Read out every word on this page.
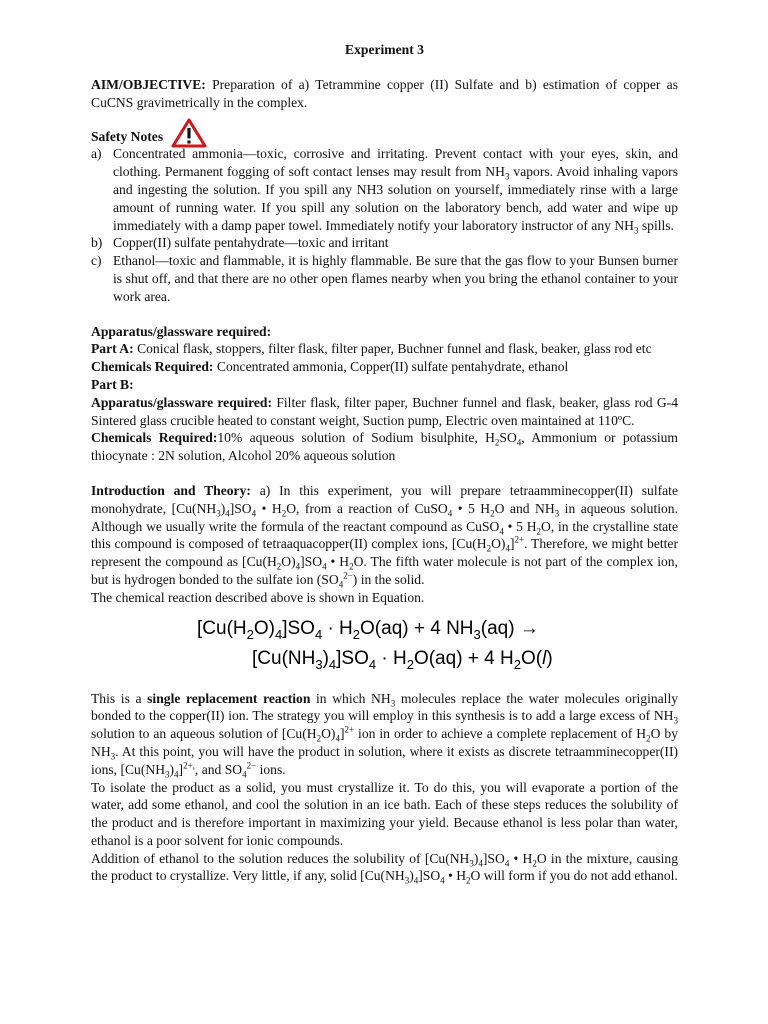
Experiment 3

AIM/OBJECTIVE: Preparation of a) Tetrammine copper (II) Sulfate and b) estimation of copper as CuCNS gravimetrically in the complex.

Safety Notes
a) Concentrated ammonia—toxic, corrosive and irritating. Prevent contact with your eyes, skin, and clothing. Permanent fogging of soft contact lenses may result from $NH_3$ vapors. Avoid inhaling vapors and ingesting the solution. If you spill any NH3 solution on yourself, immediately rinse with a large amount of running water. If you spill any solution on the laboratory bench, add water and wipe up immediately with a damp paper towel. Immediately notify your laboratory instructor of any $NH_3$ spills.
b) Copper(II) sulfate pentahydrate—toxic and irritant
c) Ethanol—toxic and flammable, it is highly flammable. Be sure that the gas flow to your Bunsen burner is shut off, and that there are no other open flames nearby when you bring the ethanol container to your work area.

Apparatus/glassware required:

Part A: Conical flask, stoppers, filter flask, filter paper, Buchner funnel and flask, beaker, glass rod etc

Chemicals Required: Concentrated ammonia, Copper(II) sulfate pentahydrate, ethanol

Part B:

Apparatus/glassware required: Filter flask, filter paper, Buchner funnel and flask, beaker, glass rod G-4 Sintered glass crucible heated to constant weight, Suction pump, Electric oven maintained at 110ºC.

Chemicals Required:10% aqueous solution of Sodium bisulphite, $H_2SO_4$, Ammonium or potassium thiocynate : 2N solution, Alcohol 20% aqueous solution

Introduction and Theory: a) In this experiment, you will prepare tetraamminecopper(II) sulfate monohydrate, $[Cu(NH_3)_4]SO_4$ • $H_2O$, from a reaction of CuSO$_4$ • 5 $H_2O$ and $NH_3$ in aqueous solution. Although we usually write the formula of the reactant compound as CuSO$_4$ • 5 $H_2O$, in the crystalline state this compound is composed of tetraaquacopper(II) complex ions, $[Cu(H_2O)_4]^{2+}$. Therefore, we might better represent the compound as $[Cu(H_2O)_4]SO_4$ • $H_2O$. The fifth water molecule is not part of the complex ion, but is hydrogen bonded to the sulfate ion $(SO_4^{2-})$ in the solid.

The chemical reaction described above is shown in Equation.

$[Cu(H_2O)_4]SO_4 \cdot H_2O(aq) + 4$ $NH_3(aq)$ →
$[Cu(NH_3)_4]SO_4 \cdot H_2O(aq) + 4$ $H_2O(l)$

This is a single replacement reaction in which $NH_3$ molecules replace the water molecules originally bonded to the copper(II) ion. The strategy you will employ in this synthesis is to add a large excess of $NH_3$ solution to an aqueous solution of $[Cu(H_2O)_4]^{2+}$ ion in order to achieve a complete replacement of $H_2O$ by $NH_3$. At this point, you will have the product in solution, where it exists as discrete tetraamminecopper(II) ions, $[Cu(NH_3)_4]^{2+,}$, and $SO_4^{2-}$ ions.

To isolate the product as a solid, you must crystallize it. To do this, you will evaporate a portion of the water, add some ethanol, and cool the solution in an ice bath. Each of these steps reduces the solubility of the product and is therefore important in maximizing your yield. Because ethanol is less polar than water, ethanol is a poor solvent for ionic compounds.

Addition of ethanol to the solution reduces the solubility of $[Cu(NH_3)_4]SO_4$ • $H_2O$ in the mixture, causing the product to crystallize. Very little, if any, solid $[Cu(NH_3)_4]SO_4$ • $H_2O$ will form if you do not add ethanol.
